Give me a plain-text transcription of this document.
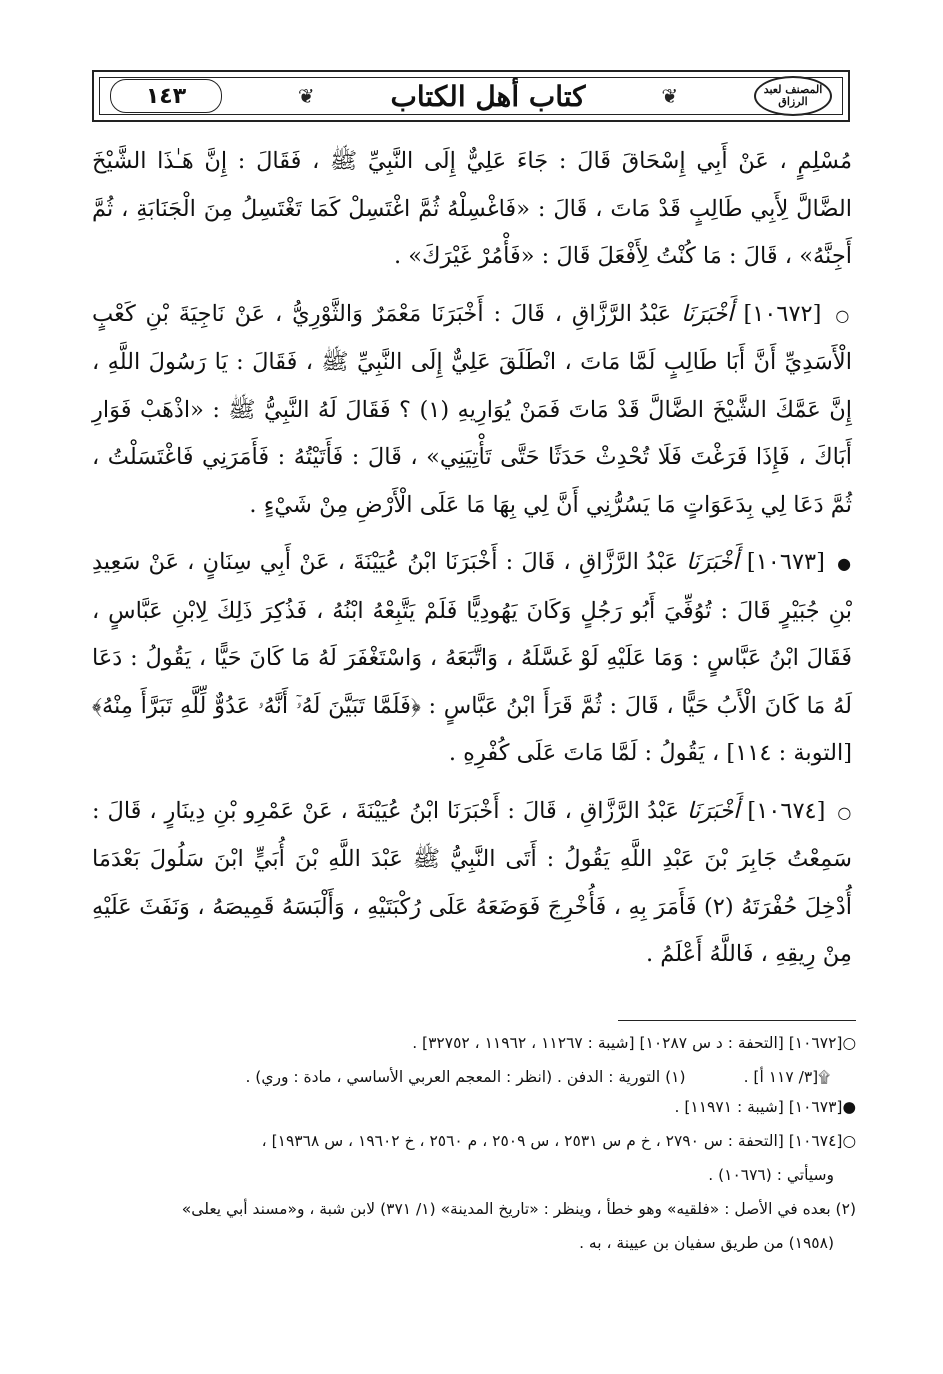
١٤٣	❦	كتاب أهل الكتاب	❦	المصنف لعبد الرزاق

مُسْلِمٍ ، عَنْ أَبِي إِسْحَاقَ قَالَ : جَاءَ عَلِيٌّ إِلَى النَّبِيِّ ﷺ ، فَقَالَ : إِنَّ هَـٰذَا الشَّيْخَ الضَّالَّ لِأَبِي طَالِبٍ قَدْ مَاتَ ، قَالَ : «فَاغْسِلْهُ ثُمَّ اغْتَسِلْ كَمَا تَغْتَسِلُ مِنَ الْجَنَابَةِ ، ثُمَّ أَجِنَّهُ» ، قَالَ : مَا كُنْتُ لِأَفْعَلَ قَالَ : «فَأْمُرْ غَيْرَكَ» .

○ [١٠٦٧٢] أَخْبَرَنَا عَبْدُ الرَّزَّاقِ ، قَالَ : أَخْبَرَنَا مَعْمَرٌ وَالثَّوْرِيُّ ، عَنْ نَاجِيَةَ بْنِ كَعْبٍ الْأَسَدِيِّ أَنَّ أَبَا طَالِبٍ لَمَّا مَاتَ ، انْطَلَقَ عَلِيٌّ إِلَى النَّبِيِّ ﷺ ، فَقَالَ : يَا رَسُولَ اللَّهِ ، إِنَّ عَمَّكَ الشَّيْخَ الضَّالَّ قَدْ مَاتَ فَمَنْ يُوَارِيهِ (١) ؟ فَقَالَ لَهُ النَّبِيُّ ﷺ : «اذْهَبْ فَوَارِ أَبَاكَ ، فَإِذَا فَرَغْتَ فَلَا تُحْدِثْ حَدَثًا حَتَّى تَأْتِيَنِي» ، قَالَ : فَأَتَيْتُهُ : فَأَمَرَنِي فَاغْتَسَلْتُ ، ثُمَّ دَعَا لِي بِدَعَوَاتٍ مَا يَسُرُّنِي أَنَّ لِي بِهَا مَا عَلَى الْأَرْضِ مِنْ شَيْءٍ .

● [١٠٦٧٣] أَخْبَرَنَا عَبْدُ الرَّزَّاقِ ، قَالَ : أَخْبَرَنَا ابْنُ عُيَيْنَةَ ، عَنْ أَبِي سِنَانٍ ، عَنْ سَعِيدِ بْنِ جُبَيْرٍ قَالَ : تُوُفِّيَ أَبُو رَجُلٍ وَكَانَ يَهُودِيًّا فَلَمْ يَتَّبِعْهُ ابْنُهُ ، فَذُكِرَ ذَلِكَ لِابْنِ عَبَّاسٍ ، فَقَالَ ابْنُ عَبَّاسٍ : وَمَا عَلَيْهِ لَوْ غَسَّلَهُ ، وَاتَّبَعَهُ ، وَاسْتَغْفَرَ لَهُ مَا كَانَ حَيًّا ، يَقُولُ : دَعَا لَهُ مَا كَانَ الْأَبُ حَيًّا ، قَالَ : ثُمَّ قَرَأَ ابْنُ عَبَّاسٍ : ﴿فَلَمَّا تَبَيَّنَ لَهُۥٓ أَنَّهُۥ عَدُوٌّ لِّلَّهِ تَبَرَّأَ مِنْهُ﴾ [التوبة : ١١٤] ، يَقُولُ : لَمَّا مَاتَ عَلَى كُفْرِهِ .

○ [١٠٦٧٤] أَخْبَرَنَا عَبْدُ الرَّزَّاقِ ، قَالَ : أَخْبَرَنَا ابْنُ عُيَيْنَةَ ، عَنْ عَمْرِو بْنِ دِينَارٍ ، قَالَ : سَمِعْتُ جَابِرَ بْنَ عَبْدِ اللَّهِ يَقُولُ : أَتَى النَّبِيُّ ﷺ عَبْدَ اللَّهِ بْنَ أُبَيٍّ ابْنَ سَلُولَ بَعْدَمَا أُدْخِلَ حُفْرَتَهُ (٢) فَأَمَرَ بِهِ ، فَأُخْرِجَ فَوَضَعَهُ عَلَى رُكْبَتَيْهِ ، وَأَلْبَسَهُ قَمِيصَهُ ، وَنَفَثَ عَلَيْهِ مِنْ رِيقِهِ ، فَاللَّهُ أَعْلَمُ .

○[١٠٦٧٢] [التحفة : د س ١٠٢٨٧] [شيبة : ١١٢٦٧ ، ١١٩٦٢ ، ٣٢٧٥٢] .

۩[٣/ ١١٧ أ] .
(١) التورية : الدفن . (انظر : المعجم العربي الأساسي ، مادة : وري) .

●[١٠٦٧٣] [شيبة : ١١٩٧١] .

○[١٠٦٧٤] [التحفة : س ٢٧٩٠ ، خ م س ٢٥٣١ ، س ٢٥٠٩ ، م ٢٥٦٠ ، خ ١٩٦٠٢ ، س ١٩٣٦٨] ،

وسيأتي : (١٠٦٧٦) .

(٢) بعده في الأصل : «فلقيه» وهو خطأ ، وينظر : «تاريخ المدينة» (١/ ٣٧١) لابن شبة ، و«مسند أبي يعلى»

(١٩٥٨) من طريق سفيان بن عيينة ، به .
